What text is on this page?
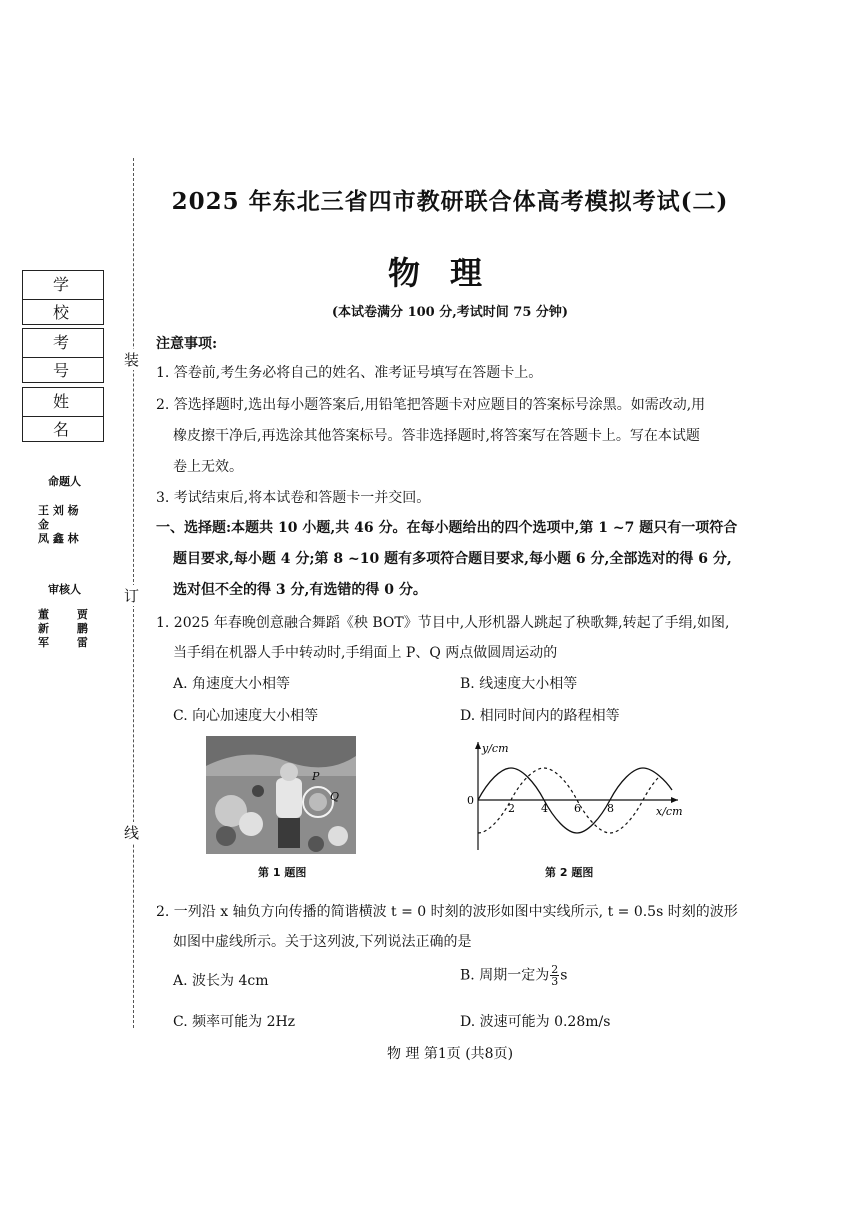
装
订
线
学校
考号
姓名
命题人
王 刘 杨
金
凤 鑫 林
审核人
董 贾
新 鹏
军 雷
2025 年东北三省四市教研联合体高考模拟考试(二)
物理
(本试卷满分 100 分,考试时间 75 分钟)
注意事项:
1. 答卷前,考生务必将自己的姓名、准考证号填写在答题卡上。
2. 答选择题时,选出每小题答案后,用铅笔把答题卡对应题目的答案标号涂黑。如需改动,用
橡皮擦干净后,再选涂其他答案标号。答非选择题时,将答案写在答题卡上。写在本试题
卷上无效。
3. 考试结束后,将本试卷和答题卡一并交回。
一、选择题:本题共 10 小题,共 46 分。在每小题给出的四个选项中,第 1 ~7 题只有一项符合
题目要求,每小题 4 分;第 8 ~10 题有多项符合题目要求,每小题 6 分,全部选对的得 6 分,
选对但不全的得 3 分,有选错的得 0 分。
1. 2025 年春晚创意融合舞蹈《秧 BOT》节目中,人形机器人跳起了秧歌舞,转起了手绢,如图,
当手绢在机器人手中转动时,手绢面上 P、Q 两点做圆周运动的
A. 角速度大小相等	B. 线速度大小相等
C. 向心加速度大小相等	D. 相同时间内的路程相等
P
Q
第 1 题图
y/cm
x/cm
0
2 4 6 8
第 2 题图
2. 一列沿 x 轴负方向传播的简谐横波 t = 0 时刻的波形如图中实线所示, t = 0.5s 时刻的波形
如图中虚线所示。关于这列波,下列说法正确的是
A. 波长为 4cm	B. 周期一定为 $\frac{2}{3}$ s
C. 频率可能为 2Hz	D. 波速可能为 0.28m/s
物 理 第1页 (共8页)
